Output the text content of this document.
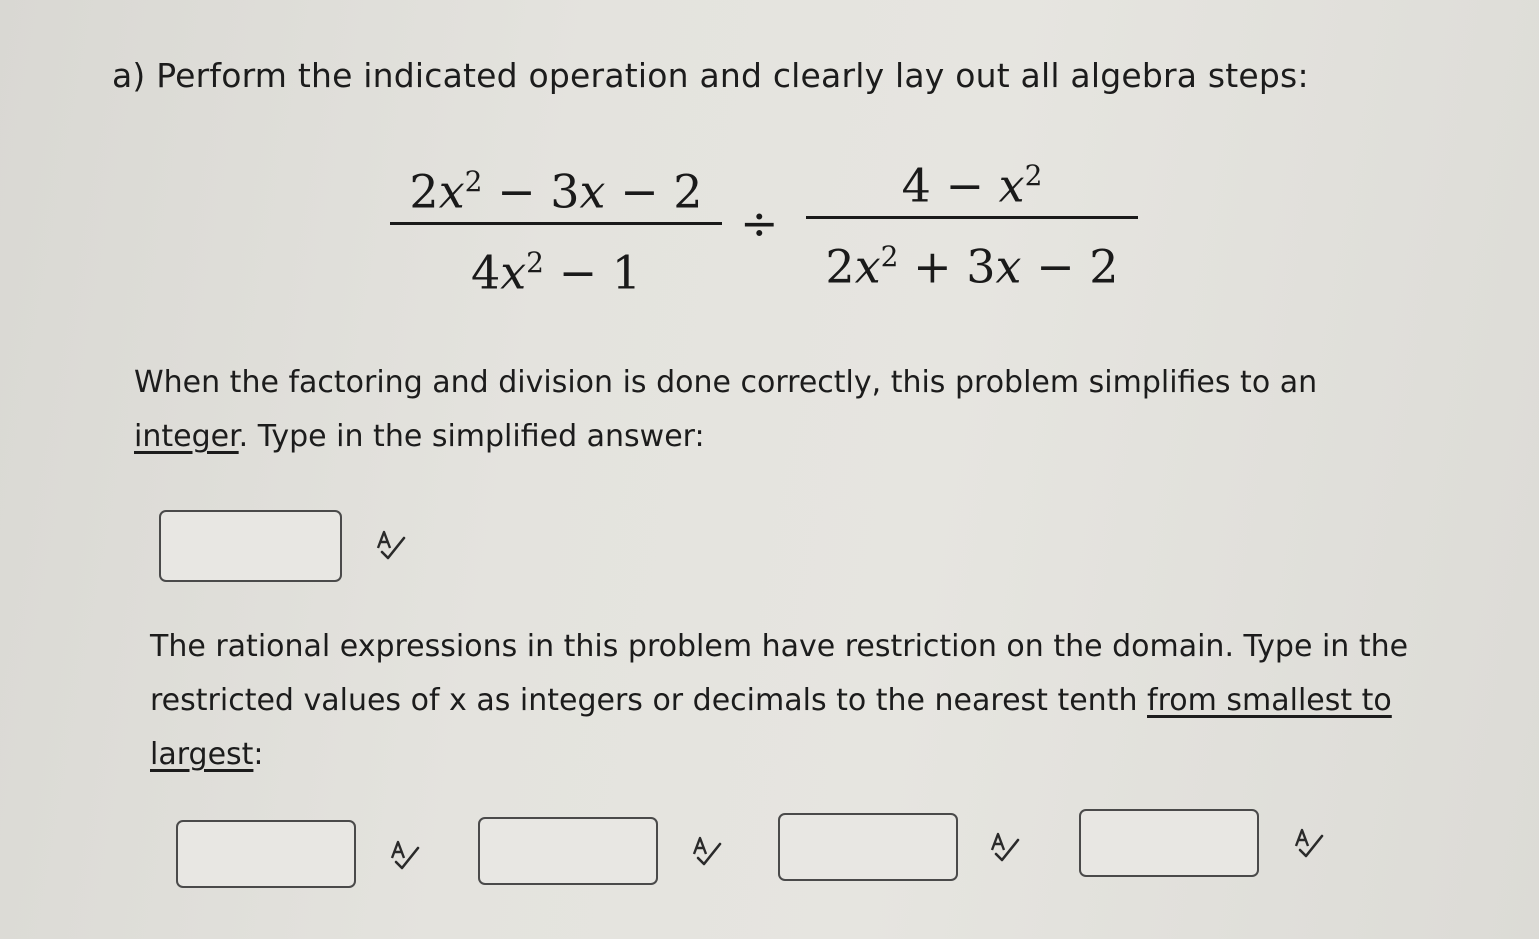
a) Perform the indicated operation and clearly lay out all algebra steps:
$2x^2 - 3x - 2$
$4x^2 - 1$
÷
$4 - x^2$
$2x^2 + 3x - 2$
When the factoring and division is done correctly, this problem simplifies to an integer. Type in the simplified answer:
The rational expressions in this problem have restriction on the domain. Type in the restricted values of x as integers or decimals to the nearest tenth from smallest to largest:
